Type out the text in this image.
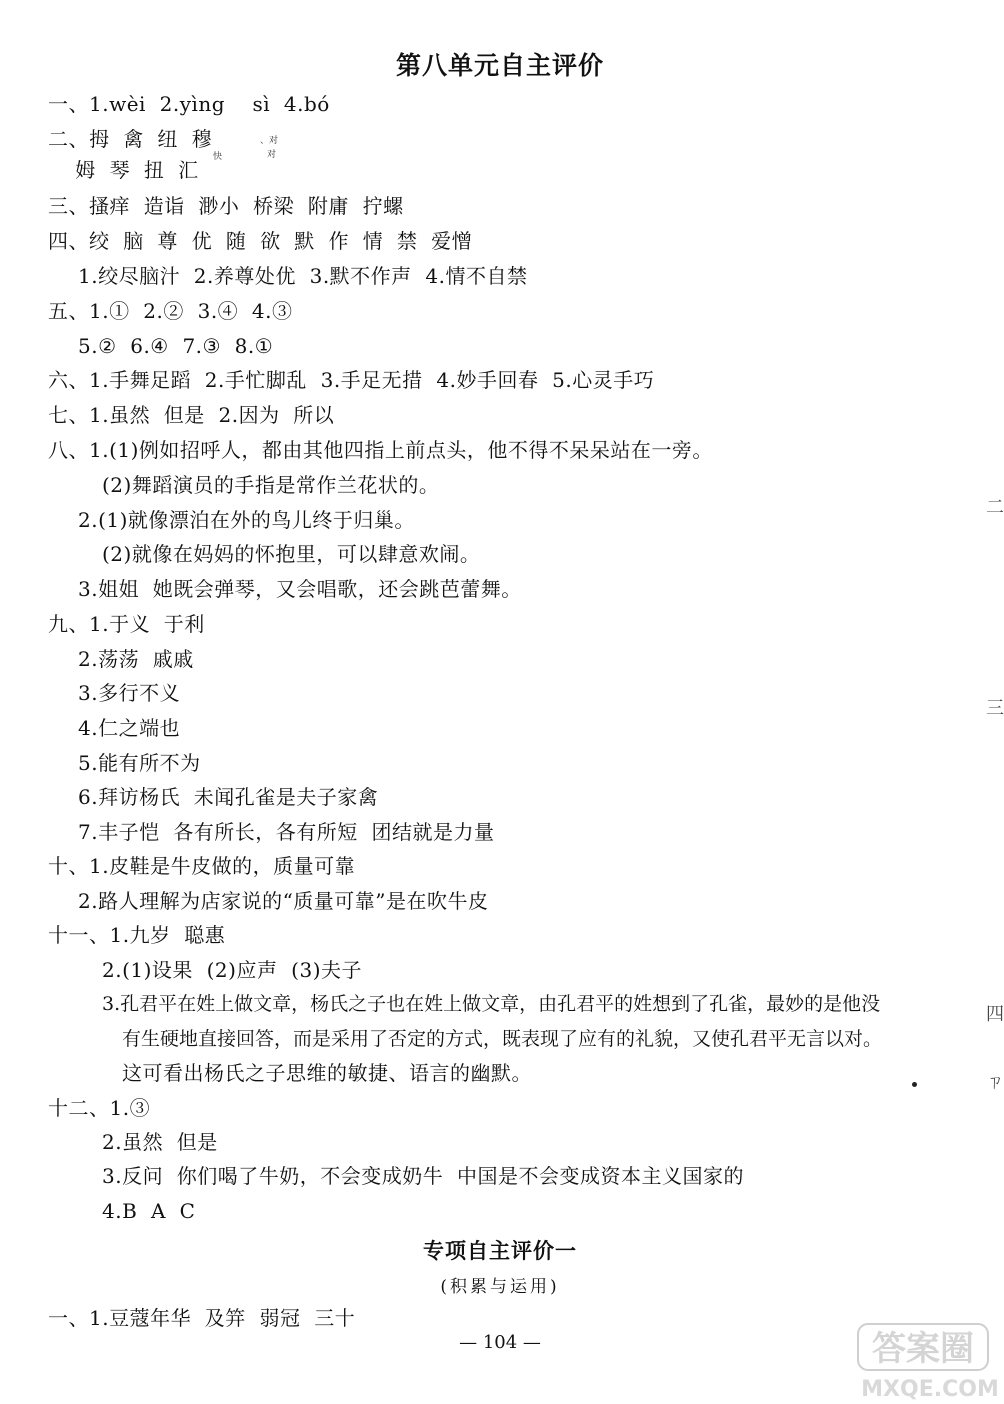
第八单元自主评价
一、1.wèi  2.yìng    sì  4.bó
二、拇  禽  纽  穆
姆  琴  扭  汇
、对
快	对
三、搔痒  造诣  渺小  桥梁  附庸  拧螺
四、绞  脑  尊  优  随  欲  默  作  情  禁  爱憎
1.绞尽脑汁  2.养尊处优  3.默不作声  4.情不自禁
五、1.①  2.②  3.④  4.③
5.②  6.④  7.③  8.①
六、1.手舞足蹈  2.手忙脚乱  3.手足无措  4.妙手回春  5.心灵手巧
七、1.虽然  但是  2.因为  所以
八、1.(1)例如招呼人，都由其他四指上前点头，他不得不呆呆站在一旁。
(2)舞蹈演员的手指是常作兰花状的。
2.(1)就像漂泊在外的鸟儿终于归巢。
(2)就像在妈妈的怀抱里，可以肆意欢闹。
3.姐姐  她既会弹琴，又会唱歌，还会跳芭蕾舞。
九、1.于义  于利
2.荡荡  戚戚
3.多行不义
4.仁之端也
5.能有所不为
6.拜访杨氏  未闻孔雀是夫子家禽
7.丰子恺  各有所长，各有所短  团结就是力量
十、1.皮鞋是牛皮做的，质量可靠
2.路人理解为店家说的“质量可靠”是在吹牛皮
十一、1.九岁  聪惠
2.(1)设果  (2)应声  (3)夫子
3.孔君平在姓上做文章，杨氏之子也在姓上做文章，由孔君平的姓想到了孔雀，最妙的是他没
有生硬地直接回答，而是采用了否定的方式，既表现了应有的礼貌，又使孔君平无言以对。
这可看出杨氏之子思维的敏捷、语言的幽默。
十二、1.③
2.虽然  但是
3.反问  你们喝了牛奶，不会变成奶牛  中国是不会变成资本主义国家的
4.B  A  C
专项自主评价一
(积累与运用)
一、1.豆蔻年华  及笄  弱冠  三十
— 104 —
二
三
四
ㄗ
答案圈
MXQE.COM
